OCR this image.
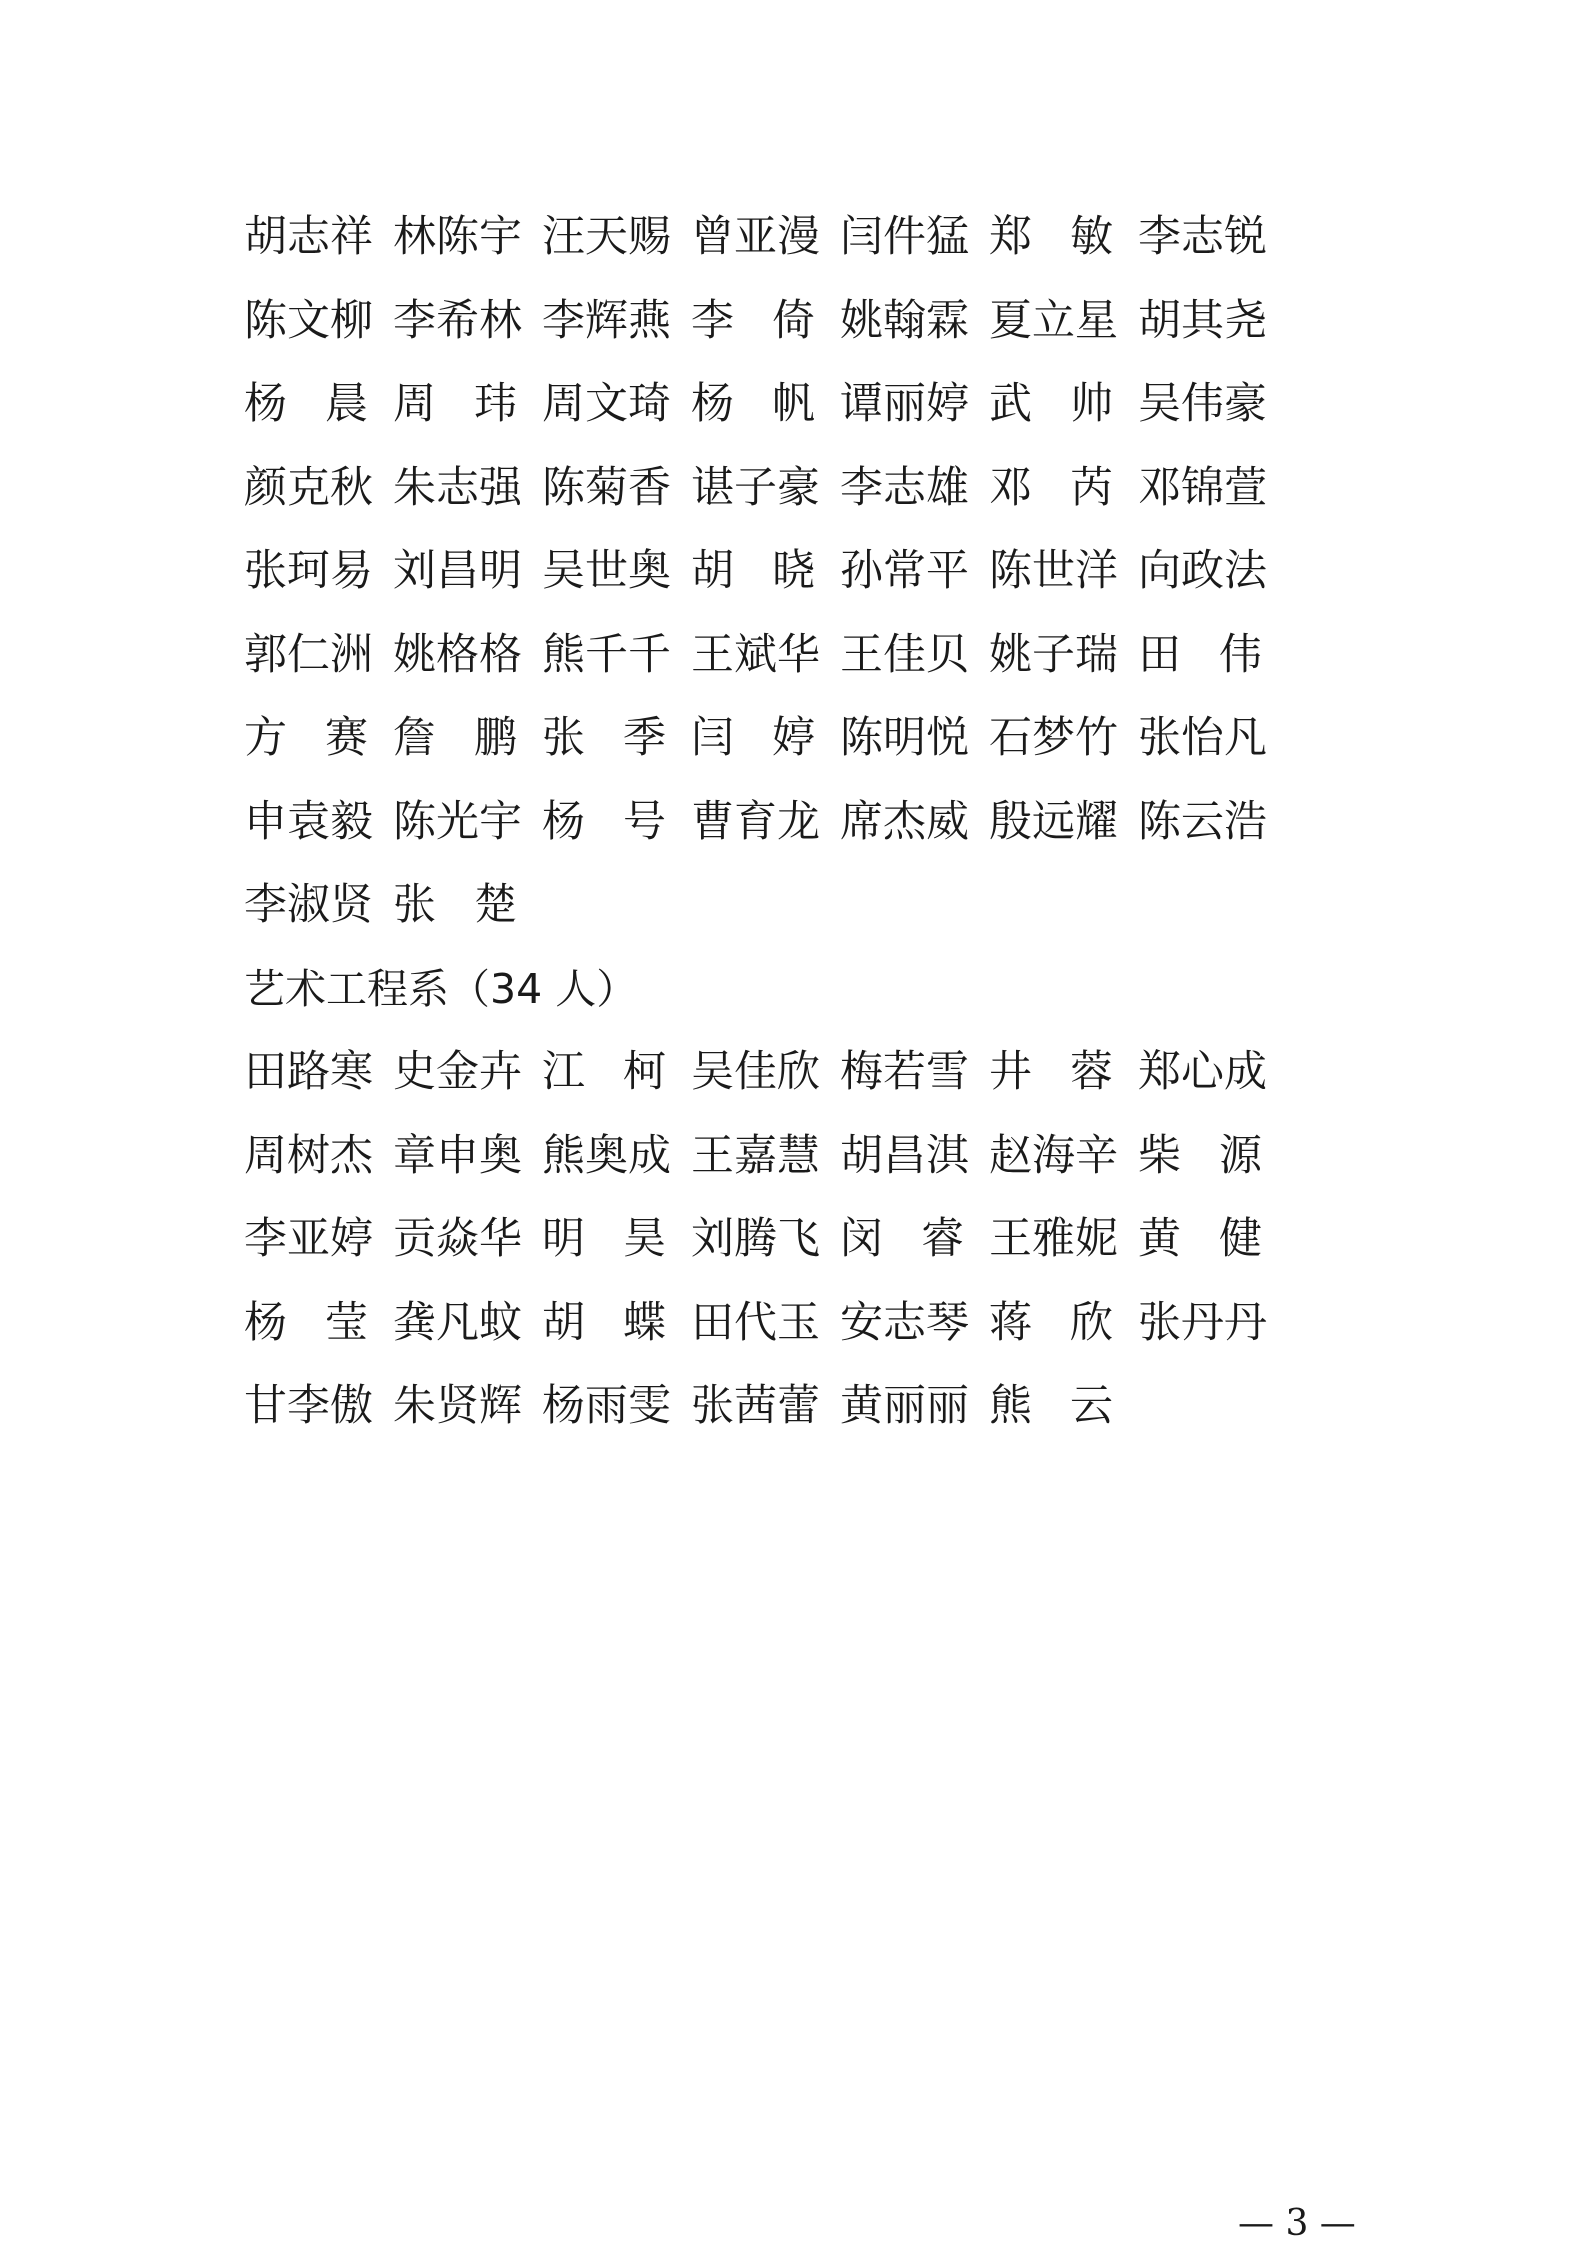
胡 志 祥 林 陈 宇 汪 天 赐 曾 亚 漫 闫 件 猛 郑 敏 李 志 锐
陈 文 柳 李 希 林 李 辉 燕 李 倚 姚 翰 霖 夏 立 星 胡 其 尧
杨 晨 周 玮 周 文 琦 杨 帆 谭 丽 婷 武 帅 吴 伟 豪
颜 克 秋 朱 志 强 陈 菊 香 谌 子 豪 李 志 雄 邓 芮 邓 锦 萱
张 珂 易 刘 昌 明 吴 世 奥 胡 晓 孙 常 平 陈 世 洋 向 政 法
郭 仁 洲 姚 格 格 熊 千 千 王 斌 华 王 佳 贝 姚 子 瑞 田 伟
方 赛 詹 鹏 张 季 闫 婷 陈 明 悦 石 梦 竹 张 怡 凡
申 袁 毅 陈 光 宇 杨 号 曹 育 龙 席 杰 威 殷 远 耀 陈 云 浩
李 淑 贤 张 楚
艺术工程系（34 人）
田 路 寒 史 金 卉 江 柯 吴 佳 欣 梅 若 雪 井 蓉 郑 心 成
周 树 杰 章 申 奥 熊 奥 成 王 嘉 慧 胡 昌 淇 赵 海 辛 柴 源
李 亚 婷 贡 焱 华 明 昊 刘 腾 飞 闵 睿 王 雅 妮 黄 健
杨 莹 龚 凡 蚊 胡 蝶 田 代 玉 安 志 琴 蒋 欣 张 丹 丹
甘 李 傲 朱 贤 辉 杨 雨 雯 张 茜 蕾 黄 丽 丽 熊 云
— 3 —
